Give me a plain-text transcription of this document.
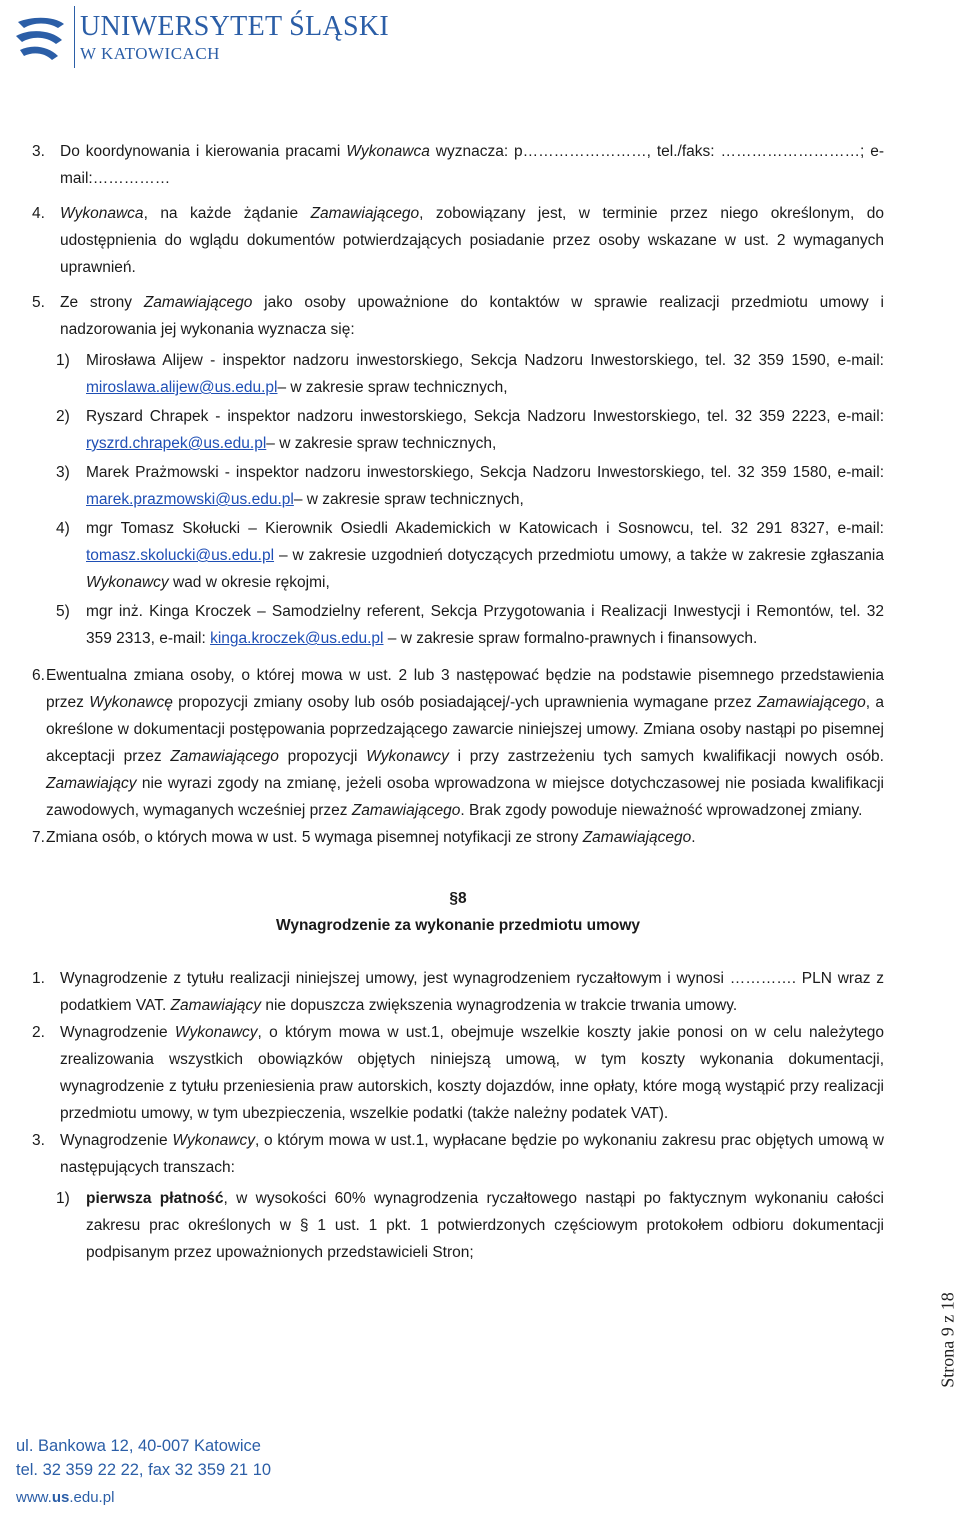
UNIWERSYTET ŚLĄSKI
W KATOWICACH
3. Do koordynowania i kierowania pracami Wykonawca wyznacza: p……………………, tel./faks: ………………………; e-mail:……………
4. Wykonawca, na każde żądanie Zamawiającego, zobowiązany jest, w terminie przez niego określonym, do udostępnienia do wglądu dokumentów potwierdzających posiadanie przez osoby wskazane w ust. 2 wymaganych uprawnień.
5. Ze strony Zamawiającego jako osoby upoważnione do kontaktów w sprawie realizacji przedmiotu umowy i nadzorowania jej wykonania wyznacza się:
1) Mirosława Alijew - inspektor nadzoru inwestorskiego, Sekcja Nadzoru Inwestorskiego, tel. 32 359 1590, e-mail: miroslawa.alijew@us.edu.pl– w zakresie spraw technicznych,
2) Ryszard Chrapek - inspektor nadzoru inwestorskiego, Sekcja Nadzoru Inwestorskiego, tel. 32 359 2223, e-mail: ryszrd.chrapek@us.edu.pl– w zakresie spraw technicznych,
3) Marek Prażmowski - inspektor nadzoru inwestorskiego, Sekcja Nadzoru Inwestorskiego, tel. 32 359 1580, e-mail: marek.prazmowski@us.edu.pl– w zakresie spraw technicznych,
4) mgr Tomasz Skołucki – Kierownik Osiedli Akademickich w Katowicach i Sosnowcu, tel. 32 291 8327, e-mail: tomasz.skolucki@us.edu.pl – w zakresie uzgodnień dotyczących przedmiotu umowy, a także w zakresie zgłaszania Wykonawcy wad w okresie rękojmi,
5) mgr inż. Kinga Kroczek – Samodzielny referent, Sekcja Przygotowania i Realizacji Inwestycji i Remontów, tel. 32 359 2313, e-mail: kinga.kroczek@us.edu.pl – w zakresie spraw formalno-prawnych i finansowych.
6. Ewentualna zmiana osoby, o której mowa w ust. 2 lub 3 następować będzie na podstawie pisemnego przedstawienia przez Wykonawcę propozycji zmiany osoby lub osób posiadającej/-ych uprawnienia wymagane przez Zamawiającego, a określone w dokumentacji postępowania poprzedzającego zawarcie niniejszej umowy. Zmiana osoby nastąpi po pisemnej akceptacji przez Zamawiającego propozycji Wykonawcy i przy zastrzeżeniu tych samych kwalifikacji nowych osób. Zamawiający nie wyrazi zgody na zmianę, jeżeli osoba wprowadzona w miejsce dotychczasowej nie posiada kwalifikacji zawodowych, wymaganych wcześniej przez Zamawiającego. Brak zgody powoduje nieważność wprowadzonej zmiany.
7. Zmiana osób, o których mowa w ust. 5 wymaga pisemnej notyfikacji ze strony Zamawiającego.
§8
Wynagrodzenie za wykonanie przedmiotu umowy
1. Wynagrodzenie z tytułu realizacji niniejszej umowy, jest wynagrodzeniem ryczałtowym i wynosi …………. PLN wraz z podatkiem VAT. Zamawiający nie dopuszcza zwiększenia wynagrodzenia w trakcie trwania umowy.
2. Wynagrodzenie Wykonawcy, o którym mowa w ust.1, obejmuje wszelkie koszty jakie ponosi on w celu należytego zrealizowania wszystkich obowiązków objętych niniejszą umową, w tym koszty wykonania dokumentacji, wynagrodzenie z tytułu przeniesienia praw autorskich, koszty dojazdów, inne opłaty, które mogą wystąpić przy realizacji przedmiotu umowy, w tym ubezpieczenia, wszelkie podatki (także należny podatek VAT).
3. Wynagrodzenie Wykonawcy, o którym mowa w ust.1, wypłacane będzie po wykonaniu zakresu prac objętych umową w następujących transzach:
1) pierwsza płatność, w wysokości 60% wynagrodzenia ryczałtowego nastąpi po faktycznym wykonaniu całości zakresu prac określonych w § 1 ust. 1 pkt. 1 potwierdzonych częściowym protokołem odbioru dokumentacji podpisanym przez upoważnionych przedstawicieli Stron;
Strona 9 z 18
ul. Bankowa 12, 40-007 Katowice
tel. 32 359 22 22, fax 32 359 21 10
www.us.edu.pl
